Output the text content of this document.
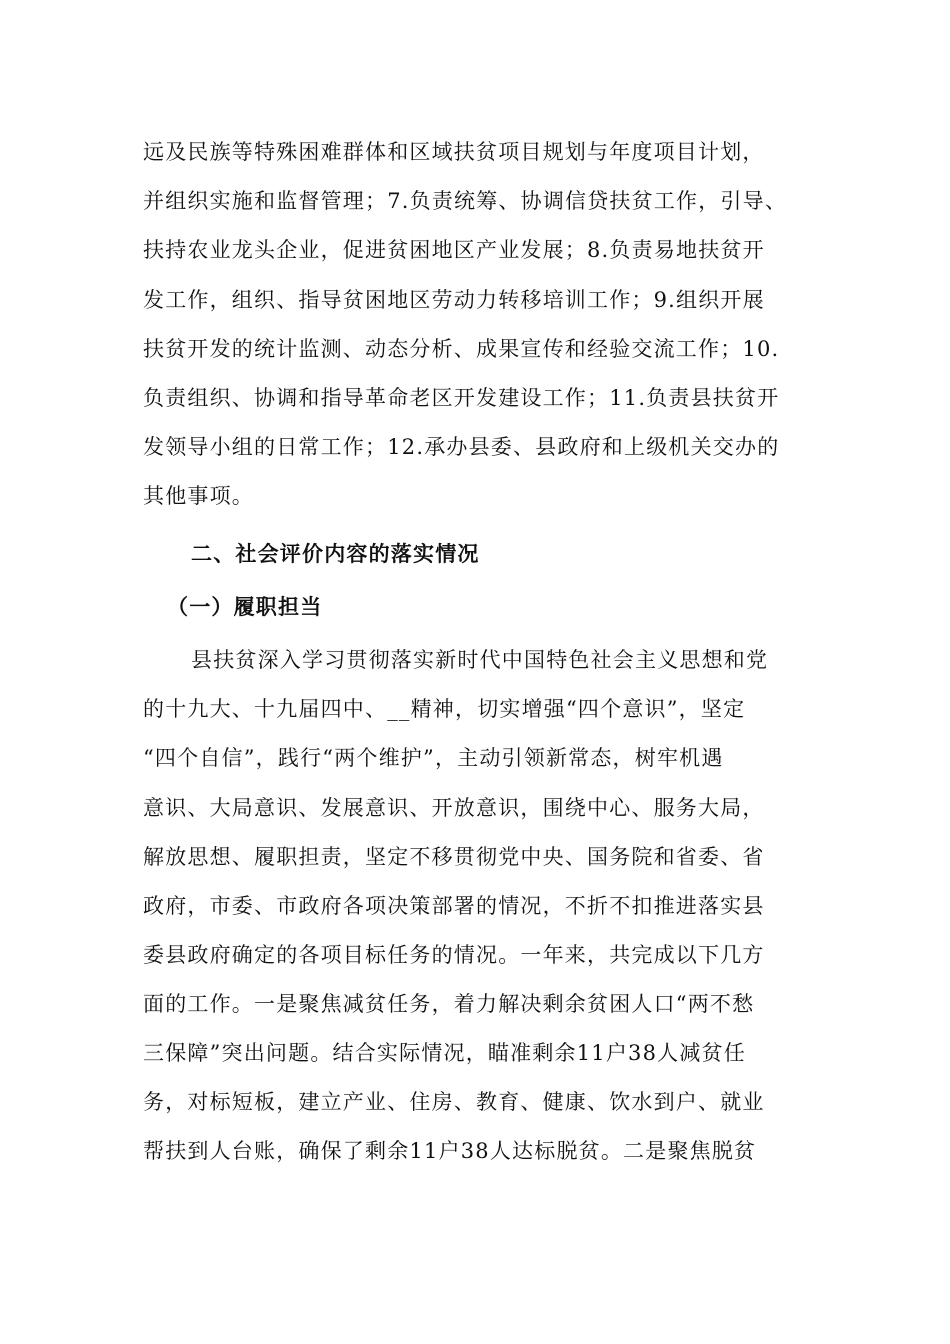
远及民族等特殊困难群体和区域扶贫项目规划与年度项目计划，
并组织实施和监督管理；7.负责统筹、协调信贷扶贫工作，引导、
扶持农业龙头企业，促进贫困地区产业发展；8.负责易地扶贫开
发工作，组织、指导贫困地区劳动力转移培训工作；9.组织开展
扶贫开发的统计监测、动态分析、成果宣传和经验交流工作；10.
负责组织、协调和指导革命老区开发建设工作；11.负责县扶贫开
发领导小组的日常工作；12.承办县委、县政府和上级机关交办的
其他事项。
二、社会评价内容的落实情况
（一）履职担当
县扶贫深入学习贯彻落实新时代中国特色社会主义思想和党
的十九大、十九届四中、__精神，切实增强“四个意识”，坚定
“四个自信”，践行“两个维护”，主动引领新常态，树牢机遇
意识、大局意识、发展意识、开放意识，围绕中心、服务大局，
解放思想、履职担责，坚定不移贯彻党中央、国务院和省委、省
政府，市委、市政府各项决策部署的情况，不折不扣推进落实县
委县政府确定的各项目标任务的情况。一年来，共完成以下几方
面的工作。一是聚焦减贫任务，着力解决剩余贫困人口“两不愁
三保障”突出问题。结合实际情况，瞄准剩余11户38人减贫任
务，对标短板，建立产业、住房、教育、健康、饮水到户、就业
帮扶到人台账，确保了剩余11户38人达标脱贫。二是聚焦脱贫
